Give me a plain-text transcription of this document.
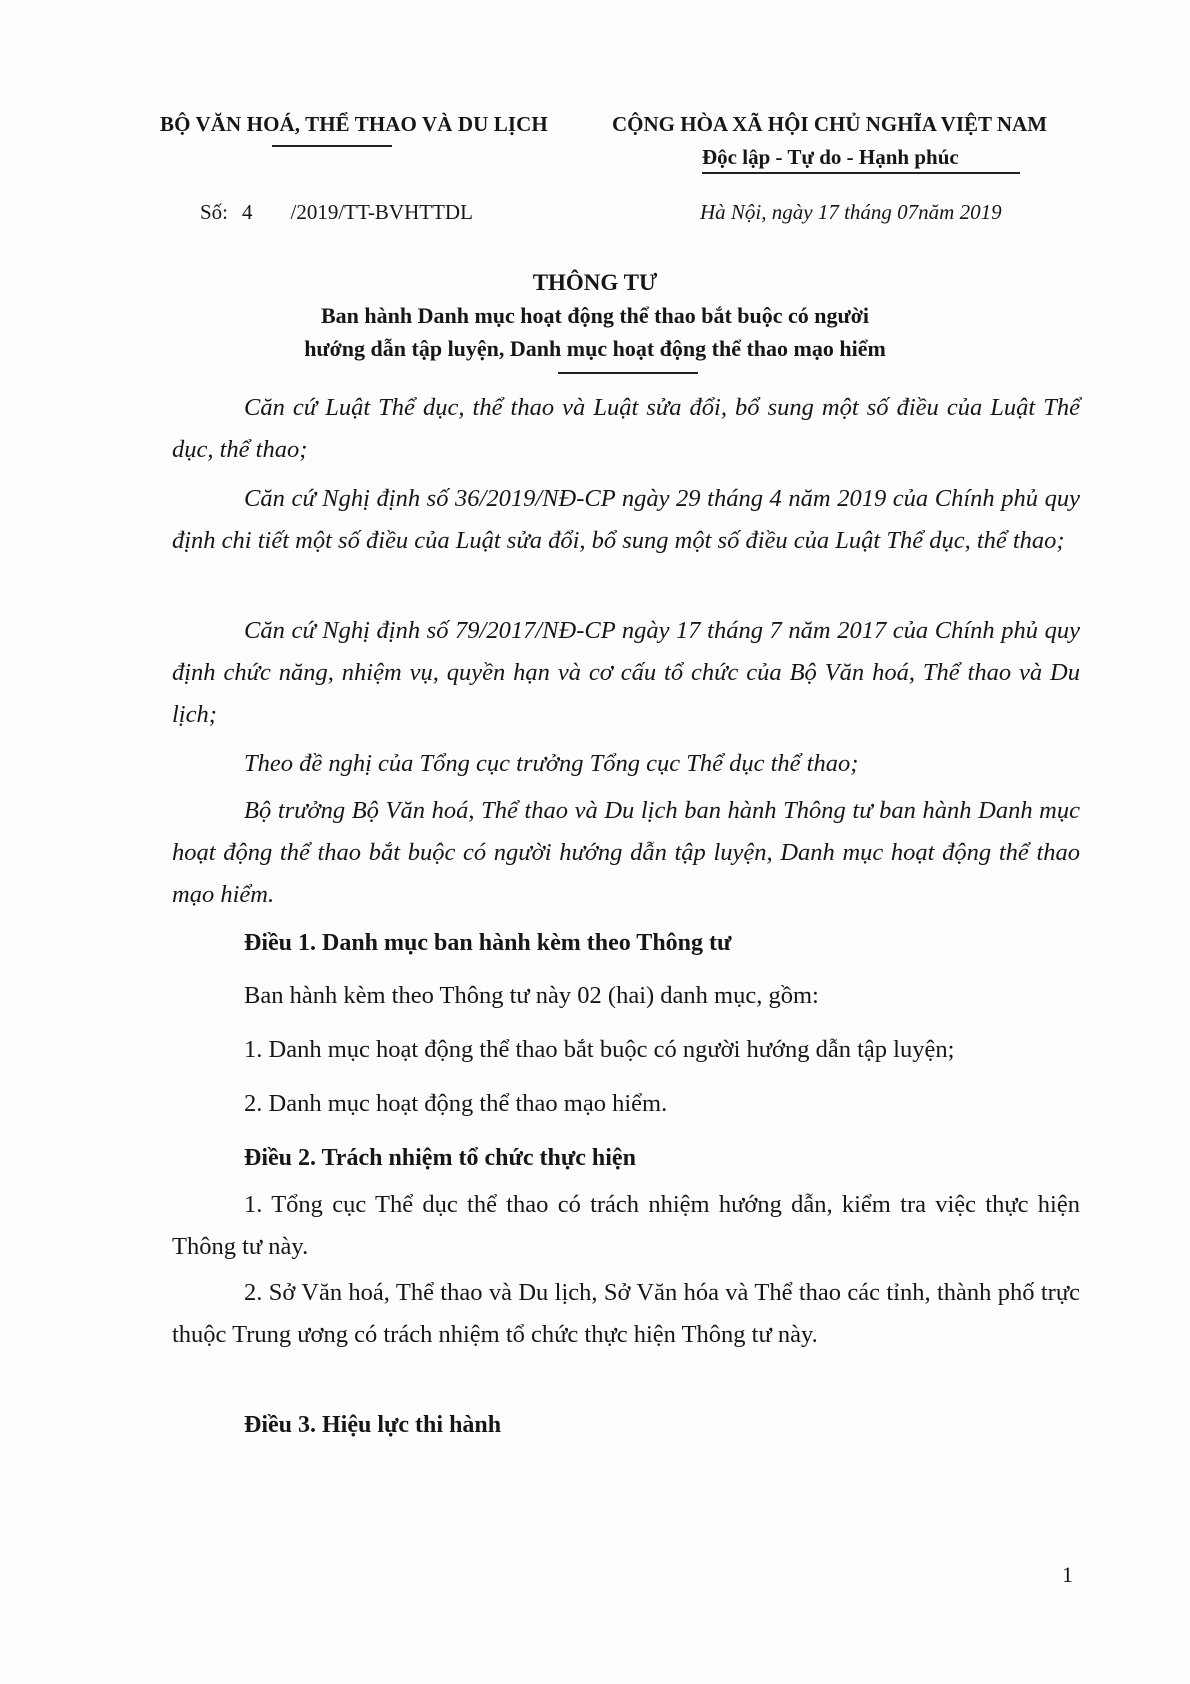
BỘ VĂN HOÁ, THỂ THAO VÀ DU LỊCH	CỘNG HÒA XÃ HỘI CHỦ NGHĨA VIỆT NAM
Độc lập - Tự do - Hạnh phúc
Số: 4 /2019/TT-BVHTTDL	Hà Nội, ngày 17 tháng 07năm 2019
THÔNG TƯ
Ban hành Danh mục hoạt động thể thao bắt buộc có người
hướng dẫn tập luyện, Danh mục hoạt động thể thao mạo hiểm
Căn cứ Luật Thể dục, thể thao và Luật sửa đổi, bổ sung một số điều của Luật Thể dục, thể thao;
Căn cứ Nghị định số 36/2019/NĐ-CP ngày 29 tháng 4 năm 2019 của Chính phủ quy định chi tiết một số điều của Luật sửa đổi, bổ sung một số điều của Luật Thể dục, thể thao;
Căn cứ Nghị định số 79/2017/NĐ-CP ngày 17 tháng 7 năm 2017 của Chính phủ quy định chức năng, nhiệm vụ, quyền hạn và cơ cấu tổ chức của Bộ Văn hoá, Thể thao và Du lịch;
Theo đề nghị của Tổng cục trưởng Tổng cục Thể dục thể thao;
Bộ trưởng Bộ Văn hoá, Thể thao và Du lịch ban hành Thông tư ban hành Danh mục hoạt động thể thao bắt buộc có người hướng dẫn tập luyện, Danh mục hoạt động thể thao mạo hiểm.
Điều 1. Danh mục ban hành kèm theo Thông tư
Ban hành kèm theo Thông tư này 02 (hai) danh mục, gồm:
1. Danh mục hoạt động thể thao bắt buộc có người hướng dẫn tập luyện;
2. Danh mục hoạt động thể thao mạo hiểm.
Điều 2. Trách nhiệm tổ chức thực hiện
1. Tổng cục Thể dục thể thao có trách nhiệm hướng dẫn, kiểm tra việc thực hiện Thông tư này.
2. Sở Văn hoá, Thể thao và Du lịch, Sở Văn hóa và Thể thao các tỉnh, thành phố trực thuộc Trung ương có trách nhiệm tổ chức thực hiện Thông tư này.
Điều 3. Hiệu lực thi hành
1
